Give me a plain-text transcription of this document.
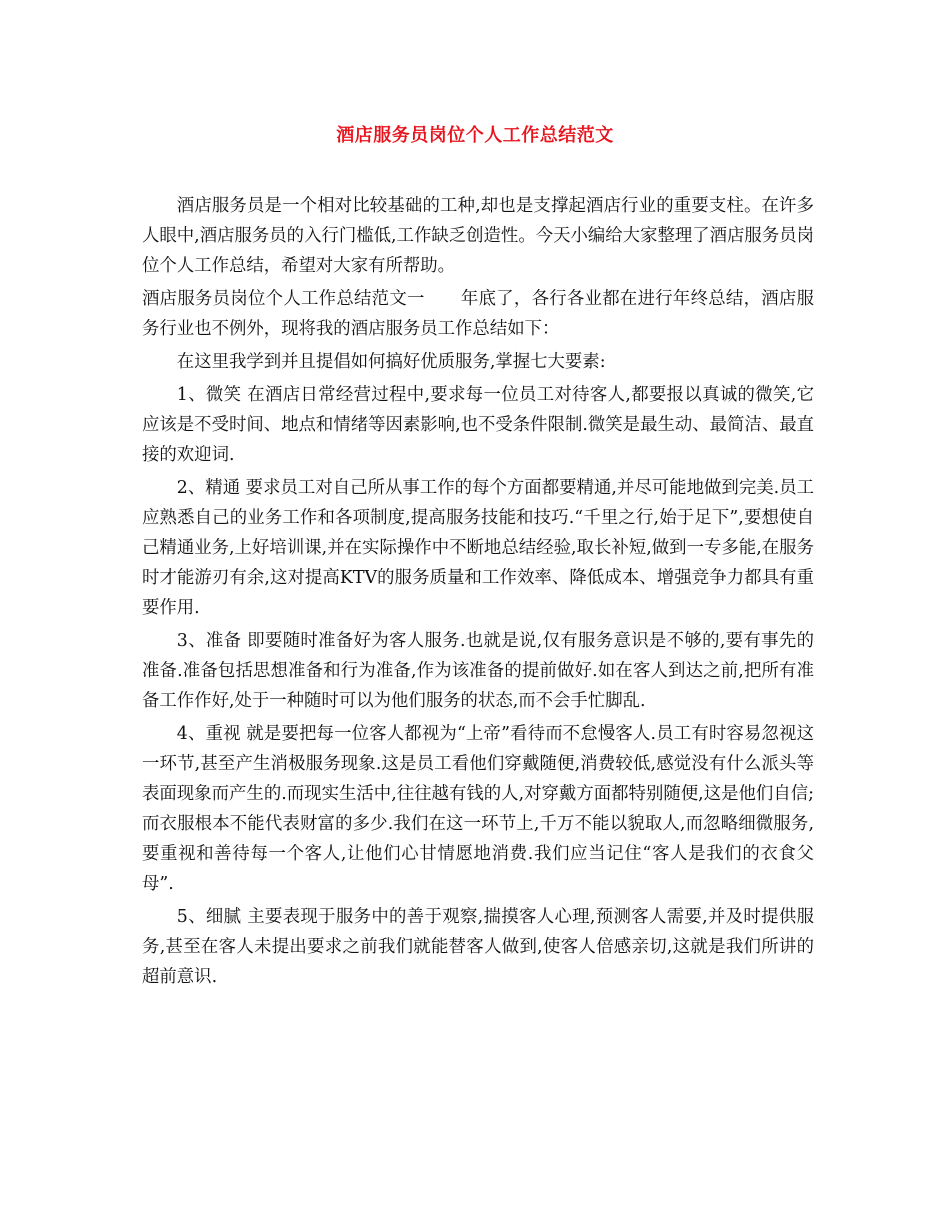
酒店服务员岗位个人工作总结范文

酒店服务员是一个相对比较基础的工种,却也是支撑起酒店行业的重要支柱。在许多人眼中,酒店服务员的入行门槛低,工作缺乏创造性。今天小编给大家整理了酒店服务员岗位个人工作总结，希望对大家有所帮助。

酒店服务员岗位个人工作总结范文一 年底了，各行各业都在进行年终总结，酒店服务行业也不例外，现将我的酒店服务员工作总结如下：

在这里我学到并且提倡如何搞好优质服务,掌握七大要素:

1、微笑 在酒店日常经营过程中,要求每一位员工对待客人,都要报以真诚的微笑,它应该是不受时间、地点和情绪等因素影响,也不受条件限制.微笑是最生动、最简洁、最直接的欢迎词.

2、精通 要求员工对自己所从事工作的每个方面都要精通,并尽可能地做到完美.员工应熟悉自己的业务工作和各项制度,提高服务技能和技巧.“千里之行,始于足下”,要想使自己精通业务,上好培训课,并在实际操作中不断地总结经验,取长补短,做到一专多能,在服务时才能游刃有余,这对提高KTV的服务质量和工作效率、降低成本、增强竞争力都具有重要作用.

3、准备 即要随时准备好为客人服务.也就是说,仅有服务意识是不够的,要有事先的准备.准备包括思想准备和行为准备,作为该准备的提前做好.如在客人到达之前,把所有准备工作作好,处于一种随时可以为他们服务的状态,而不会手忙脚乱.

4、重视 就是要把每一位客人都视为“上帝”看待而不怠慢客人.员工有时容易忽视这一环节,甚至产生消极服务现象.这是员工看他们穿戴随便,消费较低,感觉没有什么派头等表面现象而产生的.而现实生活中,往往越有钱的人,对穿戴方面都特别随便,这是他们自信;而衣服根本不能代表财富的多少.我们在这一环节上,千万不能以貌取人,而忽略细微服务,要重视和善待每一个客人,让他们心甘情愿地消费.我们应当记住“客人是我们的衣食父母”.

5、细腻 主要表现于服务中的善于观察,揣摸客人心理,预测客人需要,并及时提供服务,甚至在客人未提出要求之前我们就能替客人做到,使客人倍感亲切,这就是我们所讲的超前意识.
